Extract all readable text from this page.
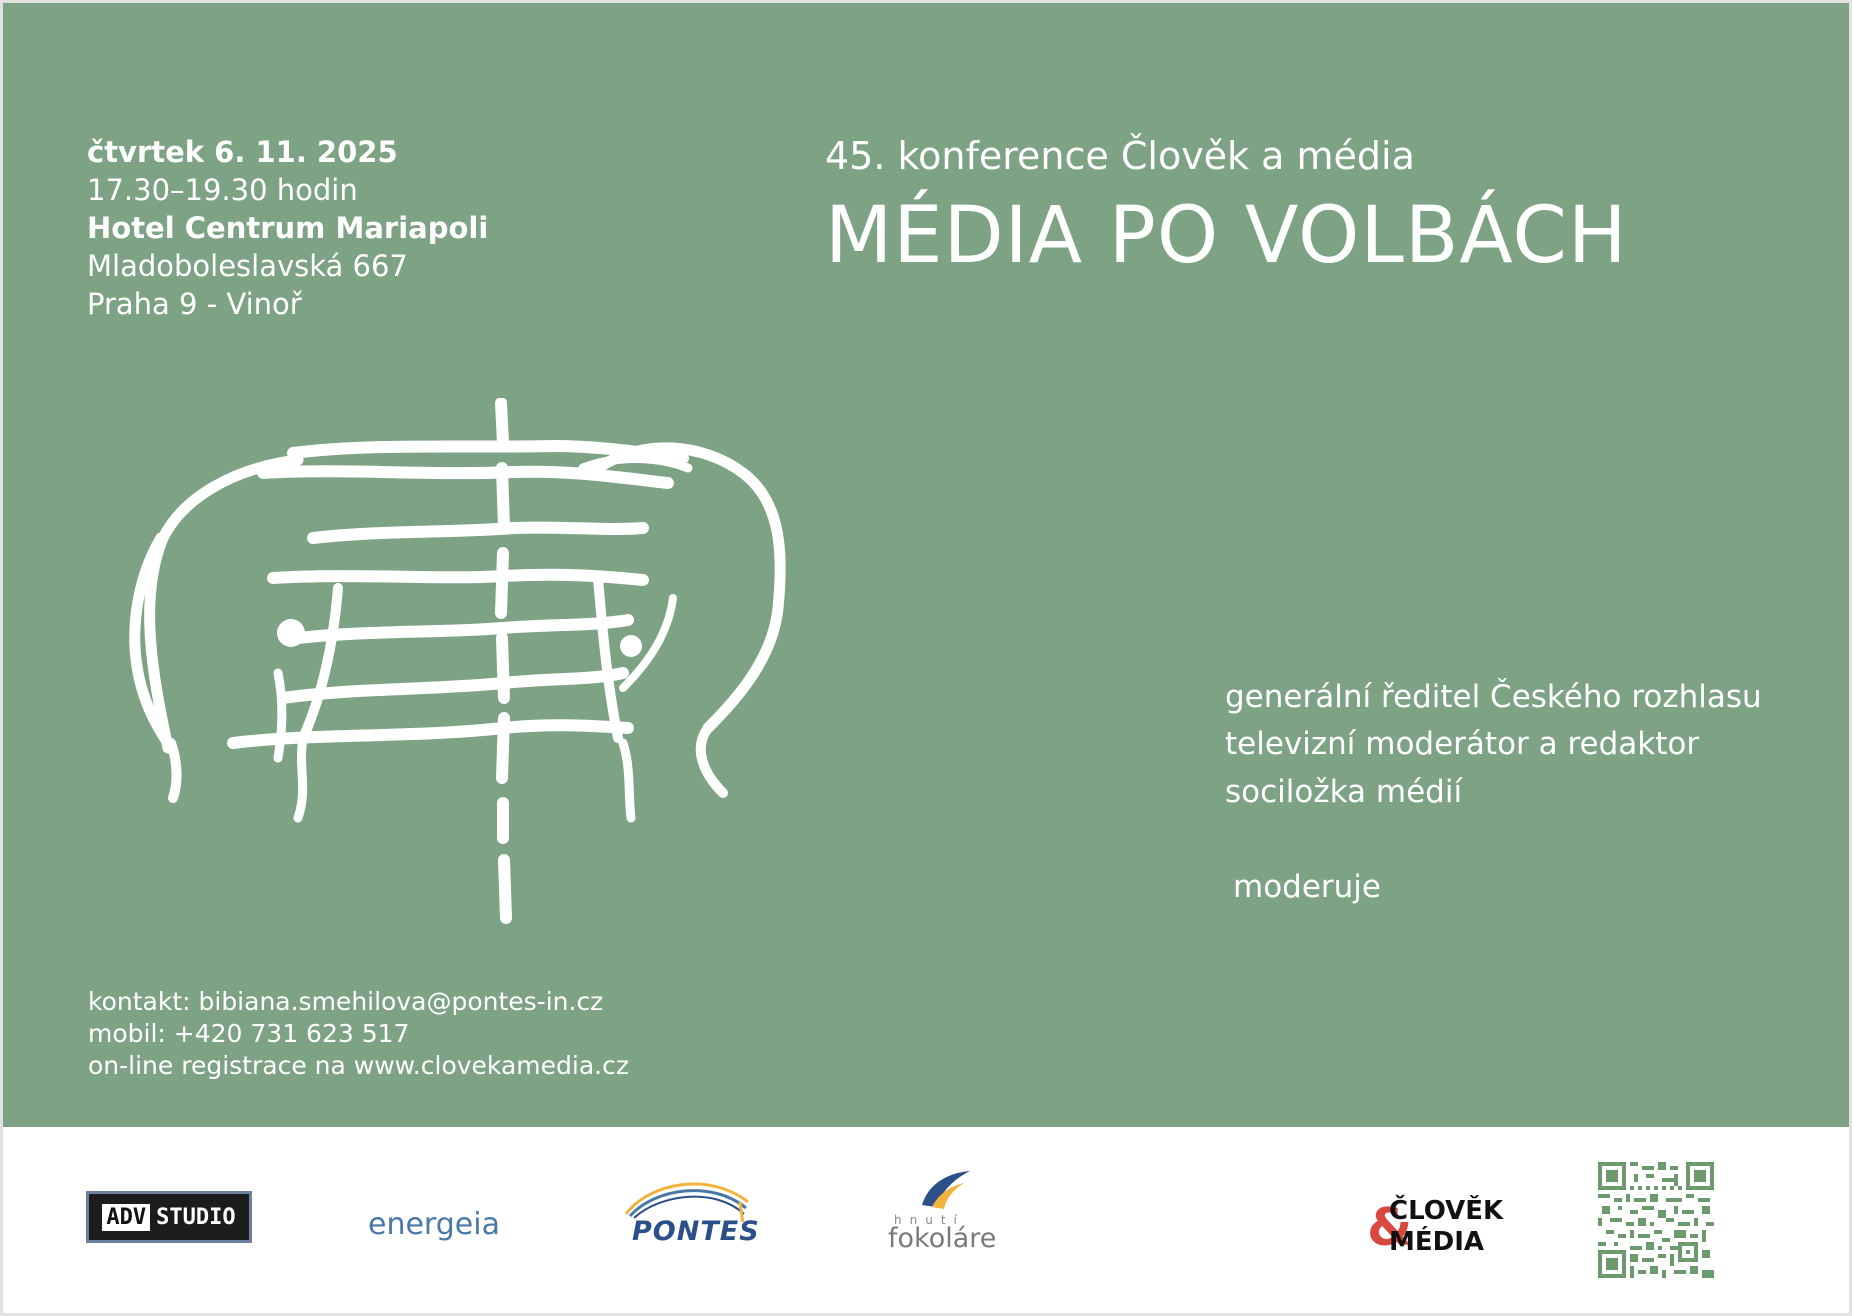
čtvrtek 6. 11. 2025
17.30–19.30 hodin
Hotel Centrum Mariapoli
Mladoboleslavská 667
Praha 9 - Vinoř
45. konference Člověk a média
MÉDIA PO VOLBÁCH
generální ředitel Českého rozhlasu
televizní moderátor a redaktor
sociložka médií
moderuje
kontakt: bibiana.smehilova@pontes-in.cz
mobil: +420 731 623 517
on-line registrace na www.clovekamedia.cz
ADV STUDIO	energeia	PONTES	hnutí
fokoláre	&
ČLOVĚK
MÉDIA
